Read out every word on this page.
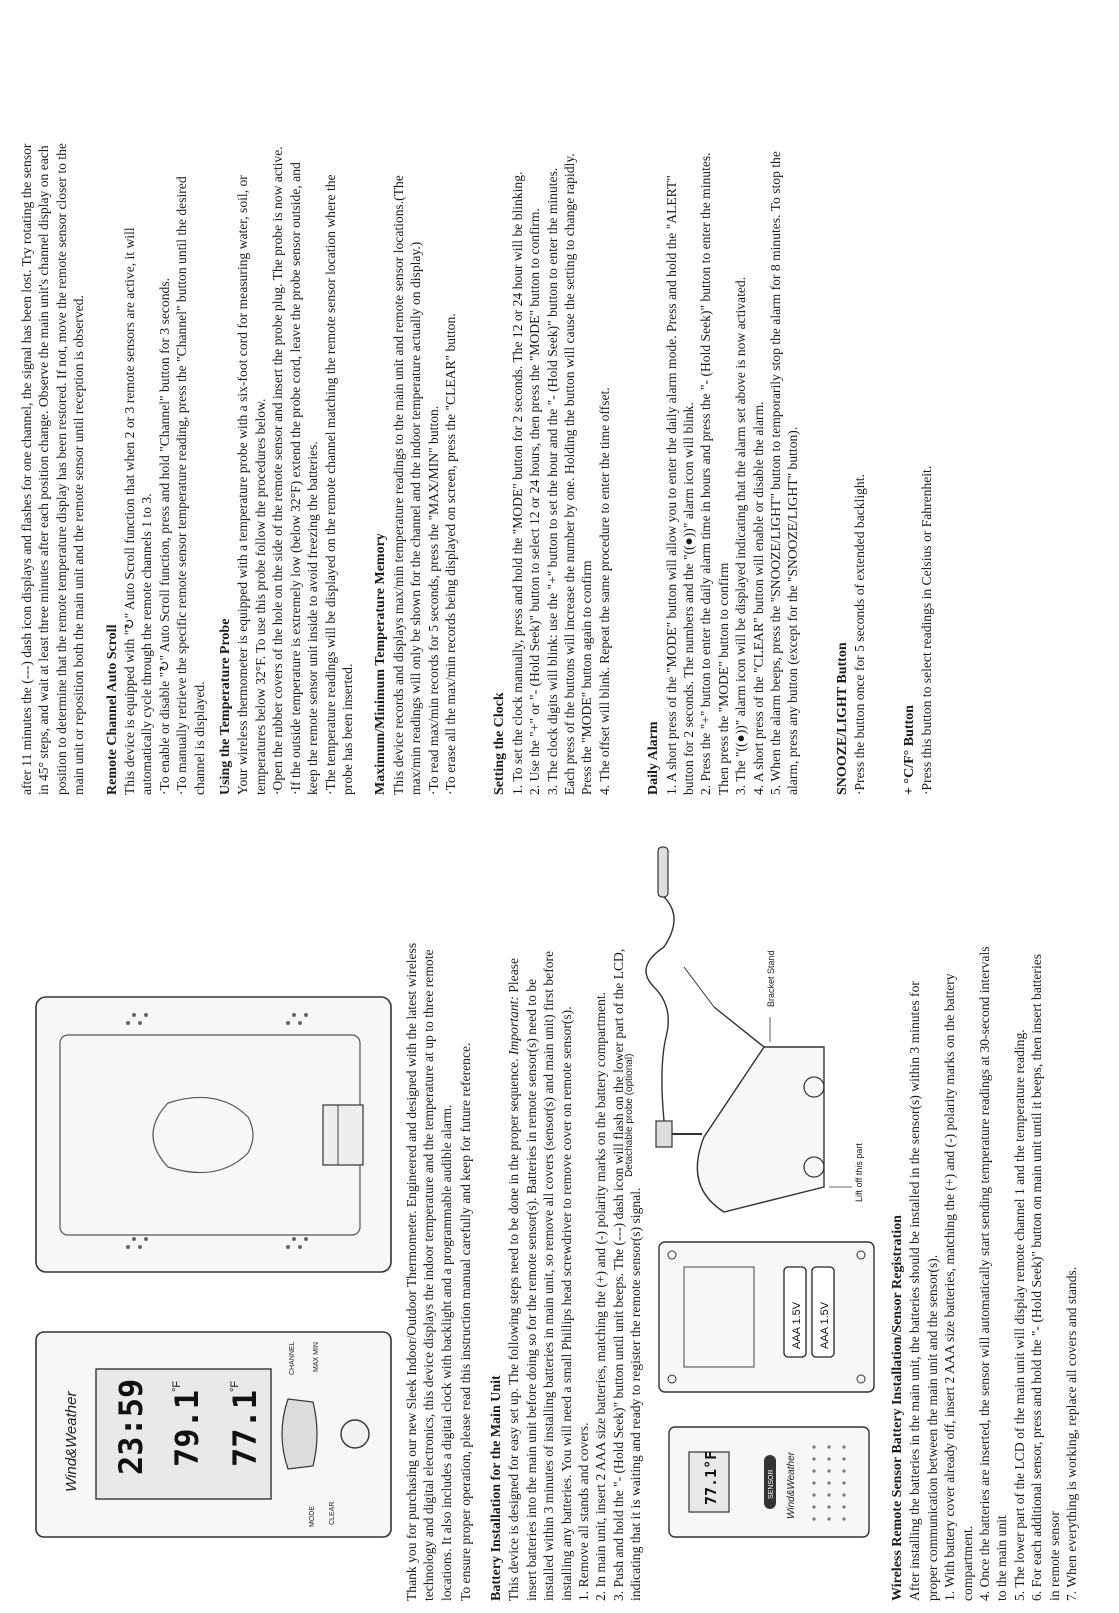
Wind&Weather 23:59 79.1
°F
77.1
°F
MODE
CHANNEL MAX MIN
CLEAR	Thank you for purchasing our new Sleek Indoor/Outdoor Thermometer. Engineered and designed with the latest wireless technology and digital electronics, this device displays the indoor temperature and the temperature at up to three remote locations. It also includes a digital clock with backlight and a programmable audible alarm. To ensure proper operation, please read this instruction manual carefully and keep for future reference. Battery Installation for the Main Unit This device is designed for easy set up. The following steps need to be done in the proper sequence. Important: Please

insert batteries into the main unit before doing so for the remote sensor(s). Batteries in remote sensor(s) need to be installed within 3 minutes of installing batteries in main unit, so remove all covers (sensor(s) and main unit) first before installing any batteries. You will need a small Phillips head screwdriver to remove cover on remote sensor(s). 1. Remove all stands and covers. 2. In main unit, insert 2 AAA size batteries, matching the (+) and (-) polarity marks on the battery compartment. 3. Push and hold the "- (Hold Seek)" button until unit beeps. The (---) dash icon will flash on the lower part of the LCD, indicating that it is waiting and ready to register the remote sensor(s) signal.	77.1°F	SENSOR Wind&Weather
AAA 1.5V AAA 1.5V
Bracket Stand
Lift off this part
Detachable probe (optional)
Wireless Remote Sensor Battery Installation/Sensor Registration After installing the batteries in the main unit, the batteries should be installed in the sensor(s) within 3 minutes for proper communication between the main unit and the sensor(s). 1. With battery cover already off, insert 2 AAA size batteries, matching the (+) and (-) polarity marks on the battery compartment. 4. Once the batteries are inserted, the sensor will automatically start sending temperature readings at 30-second intervals to the main unit 5. The lower part of the LCD of the main unit will display remote channel 1 and the temperature reading. 6. For each additional sensor, press and hold the "- (Hold Seek)" button on main unit until it beeps, then insert batteries in remote sensor 7. When everything is working, replace all covers and stands.

after 11 minutes the (---) dash icon displays and flashes for one channel, the signal has been lost. Try rotating the sensor in 45° steps, and wait at least three minutes after each position change. Observe the main unit's channel display on each position to determine that the remote temperature display has been restored. If not, move the remote sensor closer to the main unit or reposition both the main unit and the remote sensor until reception is observed. Remote Channel Auto Scroll This device is equipped with "↻" Auto Scroll function that when 2 or 3 remote sensors are active, it will

automatically cycle through the remote channels 1 to 3. ·To enable or disable "↻" Auto Scroll function, press and hold "Channel" button for 3 seconds. ·To manually retrieve the specific remote sensor temperature reading, press the "Channel" button until the desired channel is displayed. Using the Temperature Probe Your wireless thermometer is equipped with a temperature probe with a six-foot cord for measuring water, soil, or temperatures below 32°F. To use this probe follow the procedures below. ·Open the rubber covers of the hole on the side of the remote sensor and insert the probe plug. The probe is now active. ·If the outside temperature is extremely low (below 32°F) extend the probe cord, leave the probe sensor outside, and keep the remote sensor unit inside to avoid freezing the batteries. ·The temperature readings will be displayed on the remote channel matching the remote sensor location where the probe has been inserted. Maximum/Minimum Temperature Memory This device records and displays max/min temperature readings to the main unit and remote sensor locations.(The max/min readings will only be shown for the channel and the indoor temperature actually on display.) ·To read max/min records for 5 seconds, press the "MAX/MIN" button. ·To erase all the max/min records being displayed on screen, press the "CLEAR" button. Setting the Clock 1. To set the clock manually, press and hold the "MODE" button for 2 seconds. The 12 or 24 hour will be blinking. 2. Use the "+" or "- (Hold Seek)" button to select 12 or 24 hours, then press the "MODE" button to confirm. 3. The clock digits will blink: use the "+" button to set the hour and the "- (Hold Seek)" button to enter the minutes. Each press of the buttons will increase the number by one. Holding the button will cause the setting to change rapidly. Press the "MODE" button again to confirm 4. The offset will blink. Repeat the same procedure to enter the time offset. Daily Alarm 1. A short press of the "MODE" button will allow you to enter the daily alarm mode. Press and hold the "ALERT" button for 2 seconds. The numbers and the "((●))" alarm icon will blink. 2. Press the "+" button to enter the daily alarm time in hours and press the "- (Hold Seek)" button to enter the minutes. Then press the "MODE" button to confirm 3. The "((●))" alarm icon will be displayed indicating that the alarm set above is now activated. 4. A short press of the "CLEAR" button will enable or disable the alarm. 5. When the alarm beeps, press the "SNOOZE/LIGHT" button to temporarily stop the alarm for 8 minutes. To stop the alarm, press any button (except for the "SNOOZE/LIGHT" button). SNOOZE/LIGHT Button ·Press the button once for 5 seconds of extended backlight. + °C/F° Button ·Press this button to select readings in Celsius or Fahrenheit.
